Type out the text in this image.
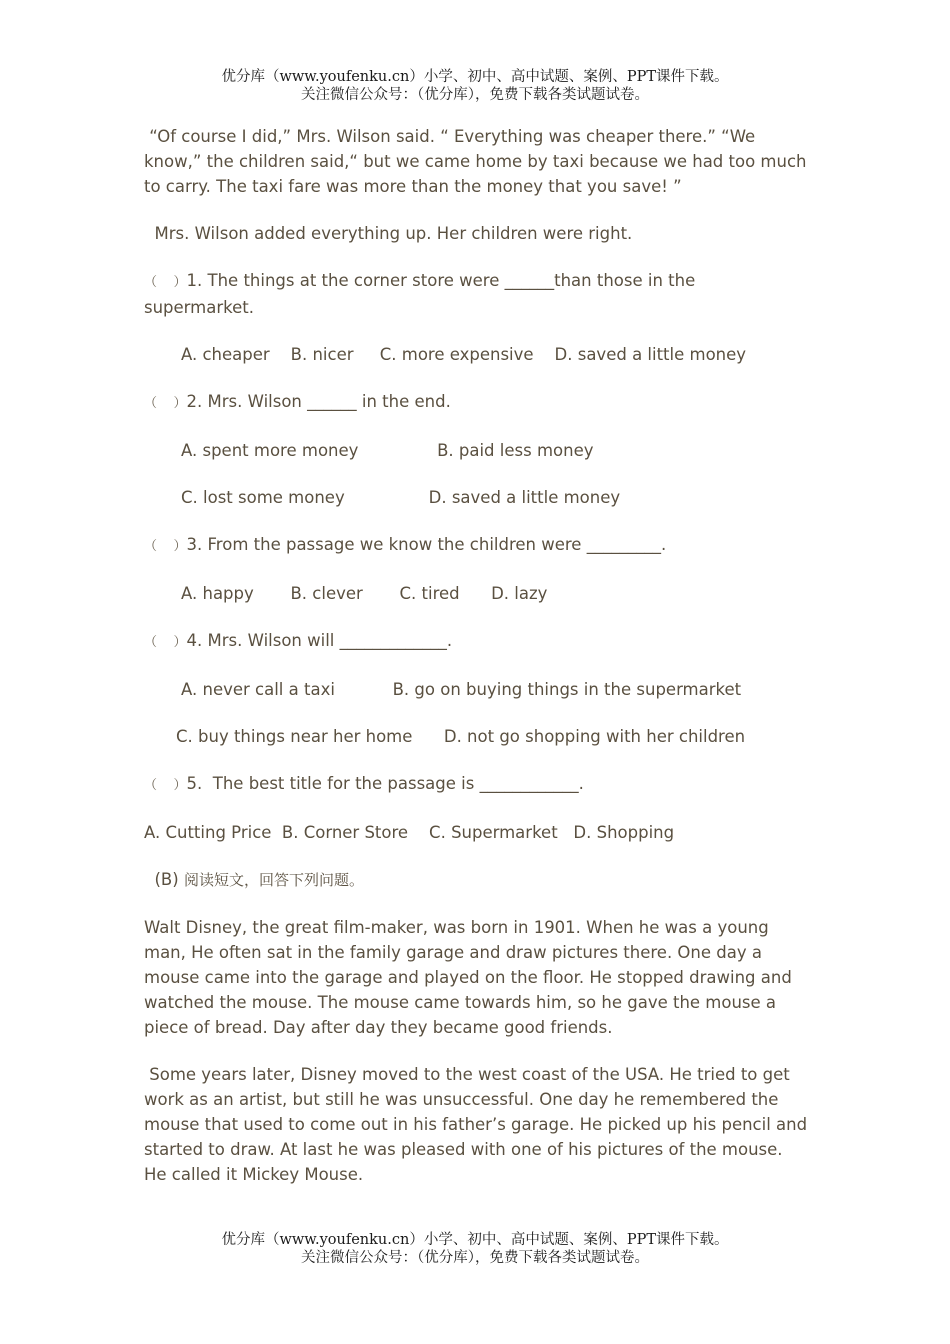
优分库（www.youfenku.cn）小学、初中、高中试题、案例、PPT课件下载。
关注微信公众号：（优分库），免费下载各类试题试卷。

“Of course I did,” Mrs. Wilson said. “ Everything was cheaper there.” “We know,” the children said,“ but we came home by taxi because we had too much to carry. The taxi fare was more than the money that you save! ”

Mrs. Wilson added everything up. Her children were right.

（    ）1. The things at the corner store were ______than those in the supermarket.

A. cheaper    B. nicer     C. more expensive    D. saved a little money

（    ）2. Mrs. Wilson ______ in the end.

A. spent more money               B. paid less money

C. lost some money                D. saved a little money

（    ）3. From the passage we know the children were _________.

A. happy       B. clever       C. tired      D. lazy

（    ）4. Mrs. Wilson will _____________.

A. never call a taxi           B. go on buying things in the supermarket

C. buy things near her home      D. not go shopping with her children

（    ）5.  The best title for the passage is ____________.

A. Cutting Price  B. Corner Store    C. Supermarket   D. Shopping

(B) 阅读短文，回答下列问题。

Walt Disney, the great film-maker, was born in 1901. When he was a young man, He often sat in the family garage and draw pictures there. One day a mouse came into the garage and played on the floor. He stopped drawing and watched the mouse. The mouse came towards him, so he gave the mouse a piece of bread. Day after day they became good friends.

Some years later, Disney moved to the west coast of the USA. He tried to get work as an artist, but still he was unsuccessful. One day he remembered the mouse that used to come out in his father’s garage. He picked up his pencil and started to draw. At last he was pleased with one of his pictures of the mouse. He called it Mickey Mouse.

优分库（www.youfenku.cn）小学、初中、高中试题、案例、PPT课件下载。
关注微信公众号：（优分库），免费下载各类试题试卷。
